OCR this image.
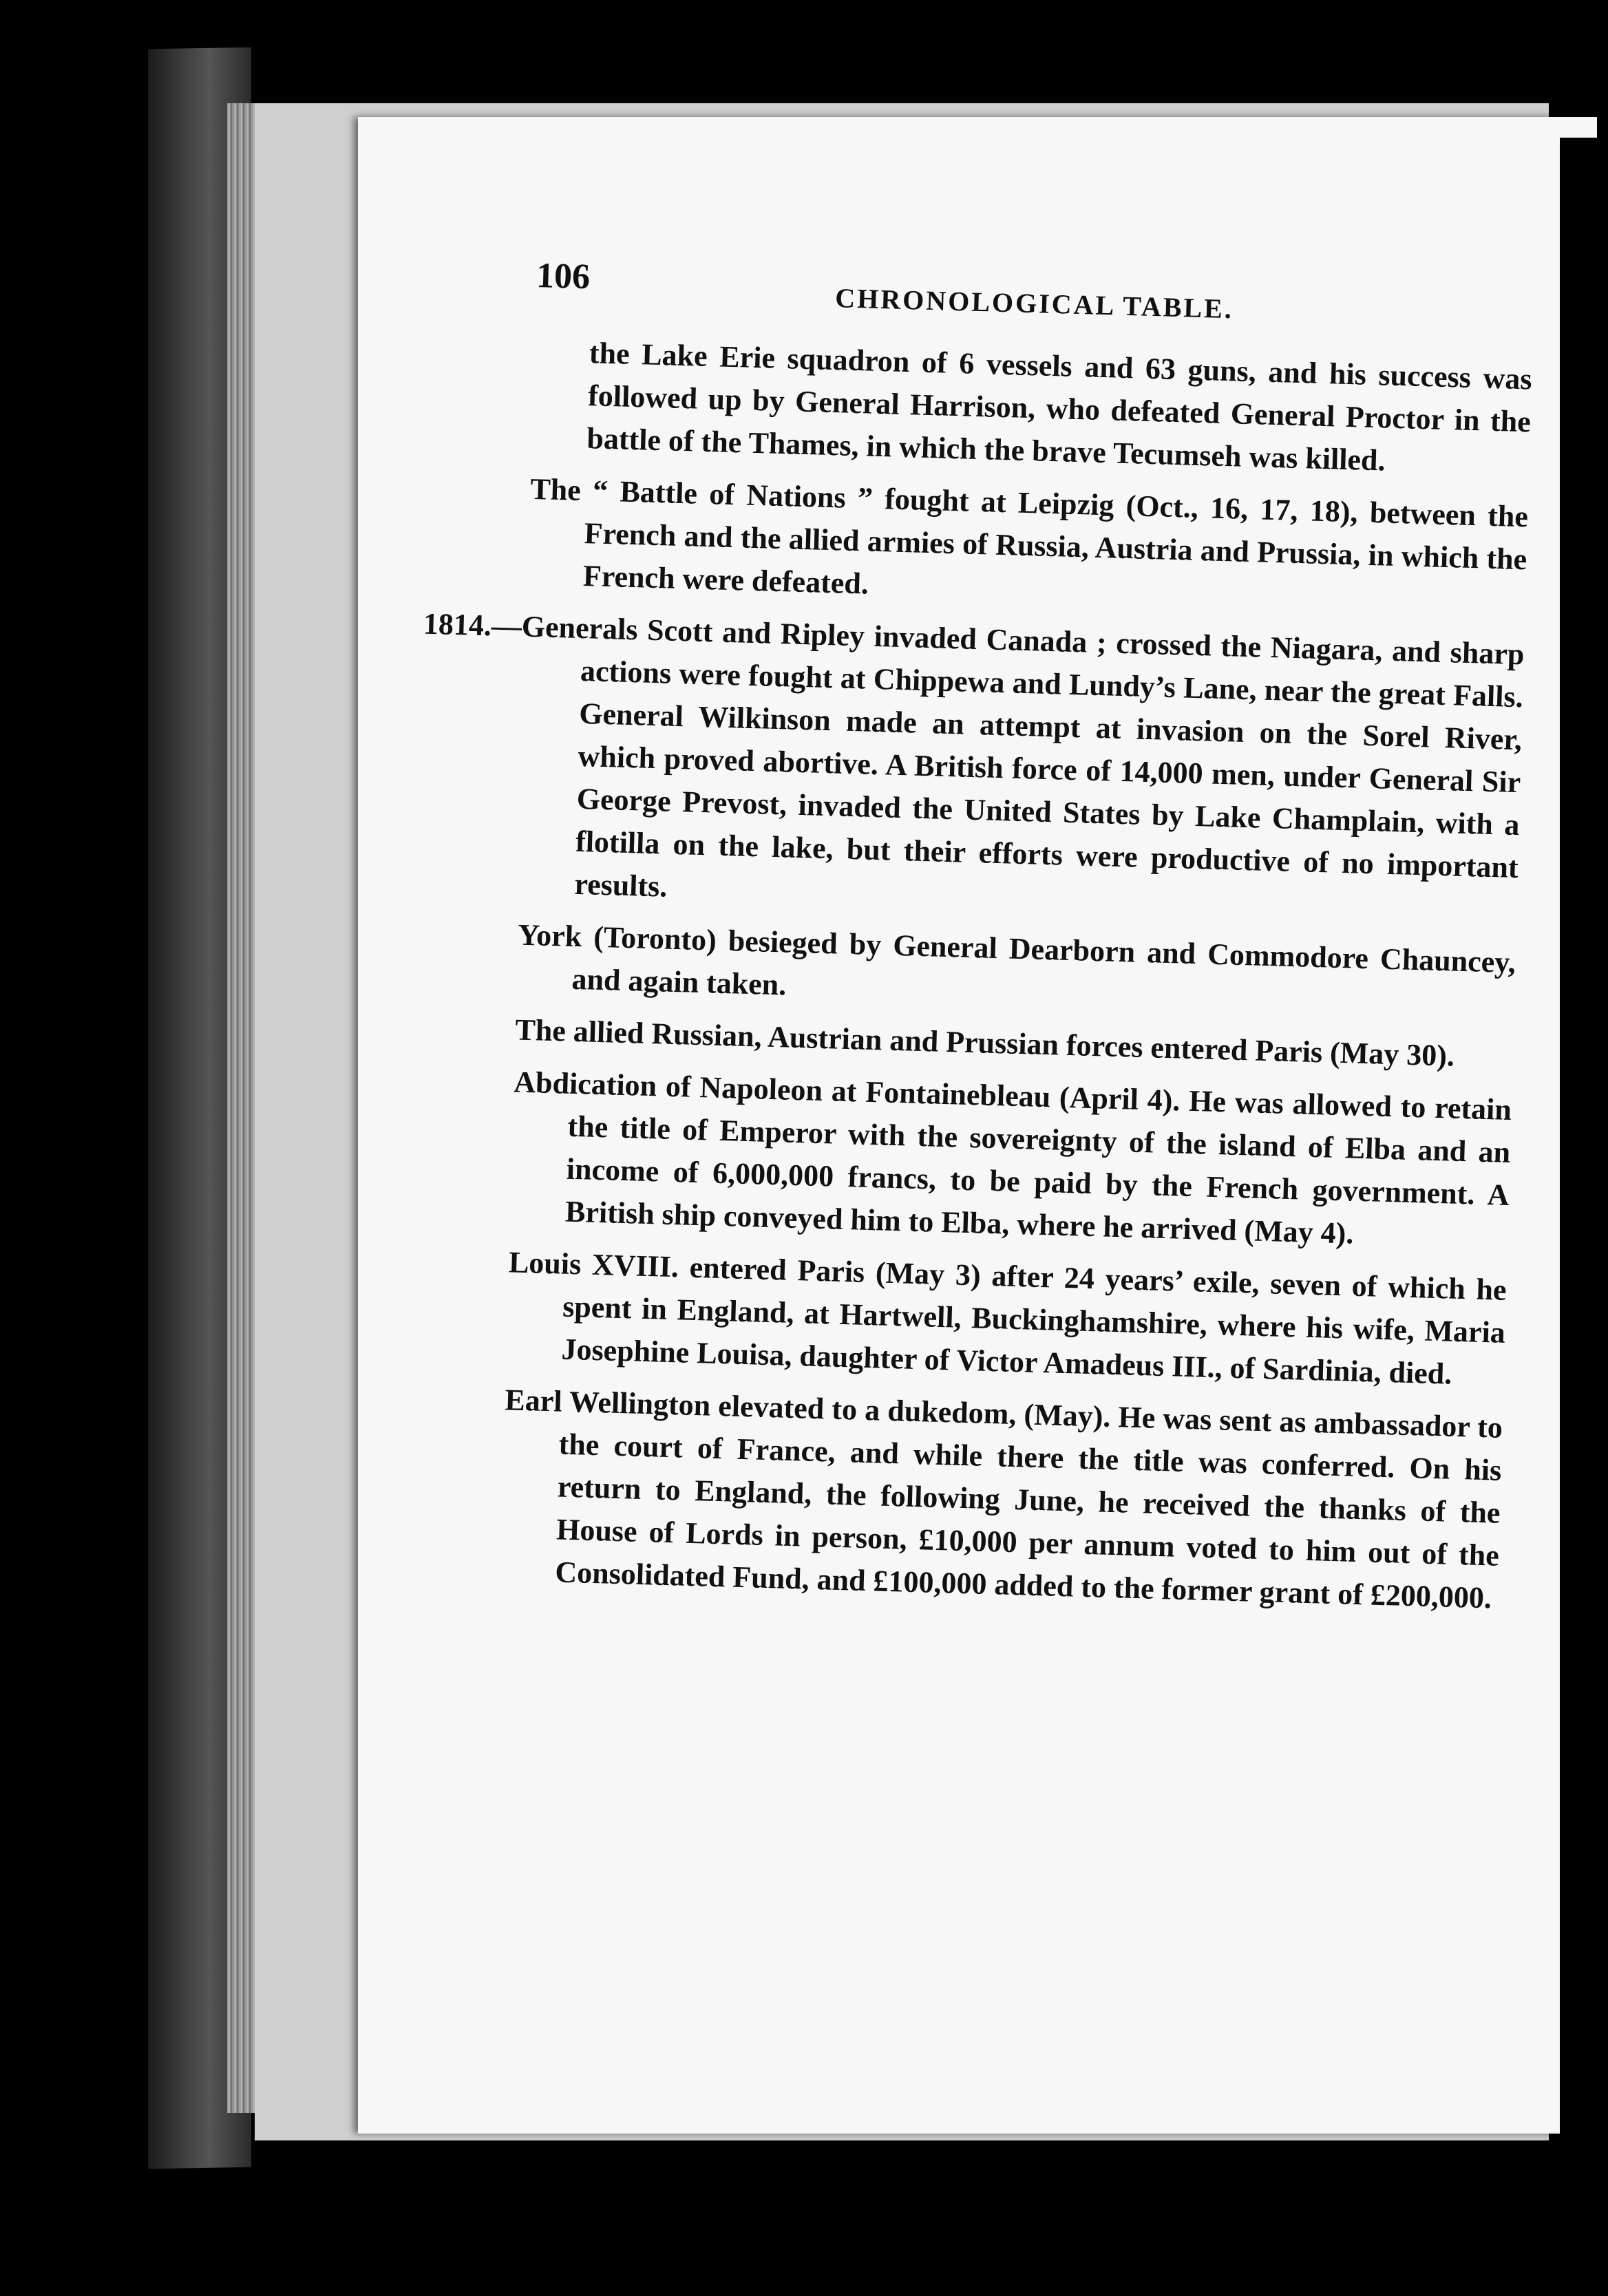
106
CHRONOLOGICAL TABLE.

the Lake Erie squadron of 6 vessels and 63 guns, and his success was followed up by General Harrison, who defeated General Proctor in the battle of the Thames, in which the brave Tecumseh was killed.

The “ Battle of Nations ” fought at Leipzig (Oct., 16, 17, 18), between the French and the allied armies of Russia, Austria and Prussia, in which the French were defeated.

1814.—Generals Scott and Ripley invaded Canada ; crossed the Niagara, and sharp actions were fought at Chippewa and Lundy’s Lane, near the great Falls. General Wilkinson made an attempt at invasion on the Sorel River, which proved abortive. A British force of 14,000 men, under General Sir George Prevost, invaded the United States by Lake Champlain, with a flotilla on the lake, but their efforts were productive of no important results.

York (Toronto) besieged by General Dearborn and Commodore Chauncey, and again taken.

The allied Russian, Austrian and Prussian forces entered Paris (May 30).

Abdication of Napoleon at Fontainebleau (April 4). He was allowed to retain the title of Emperor with the sovereignty of the island of Elba and an income of 6,000,000 francs, to be paid by the French government. A British ship conveyed him to Elba, where he arrived (May 4).

Louis XVIII. entered Paris (May 3) after 24 years’ exile, seven of which he spent in England, at Hartwell, Buckinghamshire, where his wife, Maria Josephine Louisa, daughter of Victor Amadeus III., of Sardinia, died.

Earl Wellington elevated to a dukedom, (May). He was sent as ambassador to the court of France, and while there the title was conferred. On his return to England, the following June, he received the thanks of the House of Lords in person, £10,000 per annum voted to him out of the Consolidated Fund, and £100,000 added to the former grant of £200,000.
